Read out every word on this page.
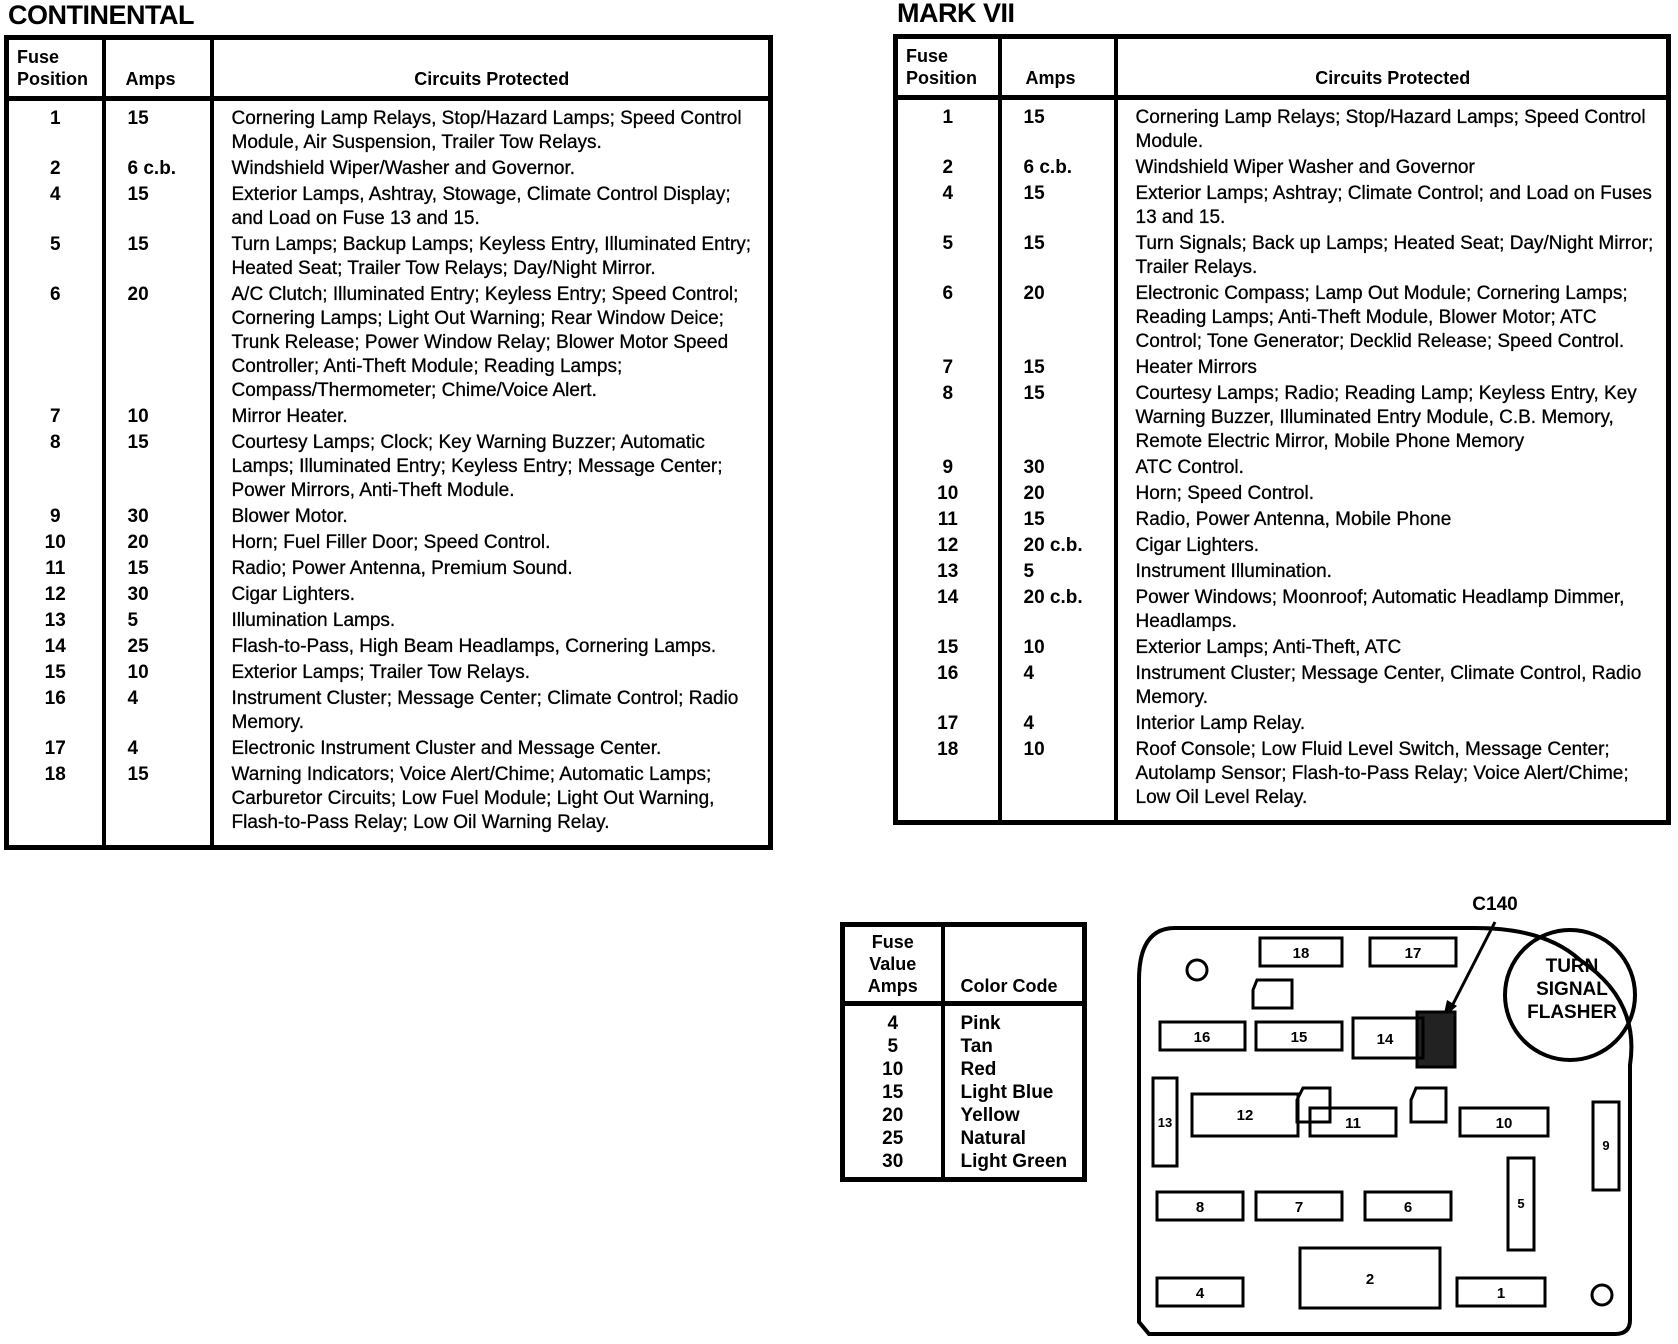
CONTINENTAL
Fuse Position	Amps	Circuits Protected
1	15	Cornering Lamp Relays, Stop/Hazard Lamps; Speed Control Module, Air Suspension, Trailer Tow Relays.
2	6 c.b.	Windshield Wiper/Washer and Governor.
4	15	Exterior Lamps, Ashtray, Stowage, Climate Control Display; and Load on Fuse 13 and 15.
5	15	Turn Lamps; Backup Lamps; Keyless Entry, Illuminated Entry; Heated Seat; Trailer Tow Relays; Day/Night Mirror.
6	20	A/C Clutch; Illuminated Entry; Keyless Entry; Speed Control; Cornering Lamps; Light Out Warning; Rear Window Deice; Trunk Release; Power Window Relay; Blower Motor Speed Controller; Anti-Theft Module; Reading Lamps; Compass/Thermometer; Chime/Voice Alert.
7	10	Mirror Heater.
8	15	Courtesy Lamps; Clock; Key Warning Buzzer; Automatic Lamps; Illuminated Entry; Keyless Entry; Message Center; Power Mirrors, Anti-Theft Module.
9	30	Blower Motor.
10	20	Horn; Fuel Filler Door; Speed Control.
11	15	Radio; Power Antenna, Premium Sound.
12	30	Cigar Lighters.
13	5	Illumination Lamps.
14	25	Flash-to-Pass, High Beam Headlamps, Cornering Lamps.
15	10	Exterior Lamps; Trailer Tow Relays.
16	4	Instrument Cluster; Message Center; Climate Control; Radio Memory.
17	4	Electronic Instrument Cluster and Message Center.
18	15	Warning Indicators; Voice Alert/Chime; Automatic Lamps; Carburetor Circuits; Low Fuel Module; Light Out Warning, Flash-to-Pass Relay; Low Oil Warning Relay.
MARK VII
Fuse Position	Amps	Circuits Protected
1	15	Cornering Lamp Relays; Stop/Hazard Lamps; Speed Control Module.
2	6 c.b.	Windshield Wiper Washer and Governor
4	15	Exterior Lamps; Ashtray; Climate Control; and Load on Fuses 13 and 15.
5	15	Turn Signals; Back up Lamps; Heated Seat; Day/Night Mirror; Trailer Relays.
6	20	Electronic Compass; Lamp Out Module; Cornering Lamps; Reading Lamps; Anti-Theft Module, Blower Motor; ATC Control; Tone Generator; Decklid Release; Speed Control.
7	15	Heater Mirrors
8	15	Courtesy Lamps; Radio; Reading Lamp; Keyless Entry, Key Warning Buzzer, Illuminated Entry Module, C.B. Memory, Remote Electric Mirror, Mobile Phone Memory
9	30	ATC Control.
10	20	Horn; Speed Control.
11	15	Radio, Power Antenna, Mobile Phone
12	20 c.b.	Cigar Lighters.
13	5	Instrument Illumination.
14	20 c.b.	Power Windows; Moonroof; Automatic Headlamp Dimmer, Headlamps.
15	10	Exterior Lamps; Anti-Theft, ATC
16	4	Instrument Cluster; Message Center, Climate Control, Radio Memory.
17	4	Interior Lamp Relay.
18	10	Roof Console; Low Fluid Level Switch, Message Center; Autolamp Sensor; Flash-to-Pass Relay; Voice Alert/Chime; Low Oil Level Relay.
Fuse Value Amps	Color Code
4	Pink
5	Tan
10	Red
15	Light Blue
20	Yellow
25	Natural
30	Light Green
TURN
SIGNAL
FLASHER
C140
18	17
16	15	14
13	12	11	10
9
8	7	6	5
4
2
1
